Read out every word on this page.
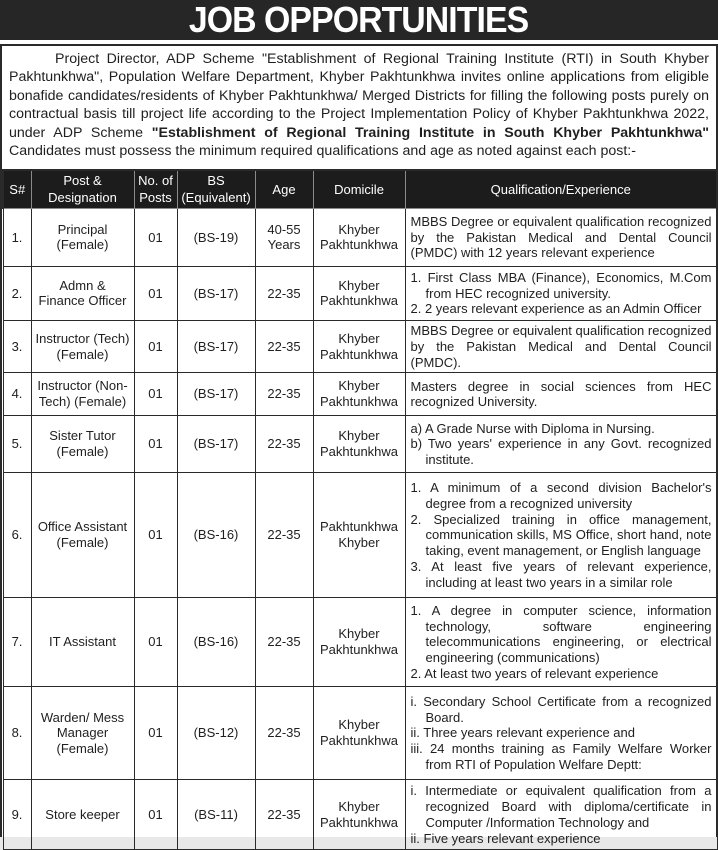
JOB OPPORTUNITIES

Project Director, ADP Scheme "Establishment of Regional Training Institute (RTI) in South Khyber Pakhtunkhwa", Population Welfare Department, Khyber Pakhtunkhwa invites online applications from eligible bonafide candidates/residents of Khyber Pakhtunkhwa/ Merged Districts for filling the following posts purely on contractual basis till project life according to the Project Implementation Policy of Khyber Pakhtunkhwa 2022, under ADP Scheme "Establishment of Regional Training Institute in South Khyber Pakhtunkhwa" Candidates must possess the minimum required qualifications and age as noted against each post:-

S#	Post & Designation	No. of Posts	BS (Equivalent)	Age	Domicile	Qualification/Experience
1.	Principal (Female)	01	(BS-19)	40-55 Years	Khyber Pakhtunkhwa	MBBS Degree or equivalent qualification recognized by the Pakistan Medical and Dental Council (PMDC) with 12 years relevant experience

2.	Admn & Finance Officer	01	(BS-17)	22-35	Khyber Pakhtunkhwa	1. First Class MBA (Finance), Economics, M.Com from HEC recognized university.
2. 2 years relevant experience as an Admin Officer

3.	Instructor (Tech) (Female)	01	(BS-17)	22-35	Khyber Pakhtunkhwa	MBBS Degree or equivalent qualification recognized by the Pakistan Medical and Dental Council (PMDC).

4.	Instructor (Non-Tech) (Female)	01	(BS-17)	22-35	Khyber Pakhtunkhwa	Masters degree in social sciences from HEC recognized University.

5.	Sister Tutor (Female)	01	(BS-17)	22-35	Khyber Pakhtunkhwa	a) A Grade Nurse with Diploma in Nursing.
b) Two years' experience in any Govt. recognized institute.

6.	Office Assistant (Female)	01	(BS-16)	22-35	Pakhtunkhwa Khyber	1. A minimum of a second division Bachelor's degree from a recognized university
2. Specialized training in office management, communication skills, MS Office, short hand, note taking, event management, or English language
3. At least five years of relevant experience, including at least two years in a similar role

7.	IT Assistant	01	(BS-16)	22-35	Khyber Pakhtunkhwa	1. A degree in computer science, information technology, software engineering telecommunications engineering, or electrical engineering (communications)
2. At least two years of relevant experience

8.	Warden/ Mess Manager (Female)	01	(BS-12)	22-35	Khyber Pakhtunkhwa	i. Secondary School Certificate from a recognized Board.
ii. Three years relevant experience and
iii. 24 months training as Family Welfare Worker from RTI of Population Welfare Deptt:

9.	Store keeper	01	(BS-11)	22-35	Khyber Pakhtunkhwa	i. Intermediate or equivalent qualification from a recognized Board with diploma/certificate in Computer /Information Technology and
ii. Five years relevant experience
